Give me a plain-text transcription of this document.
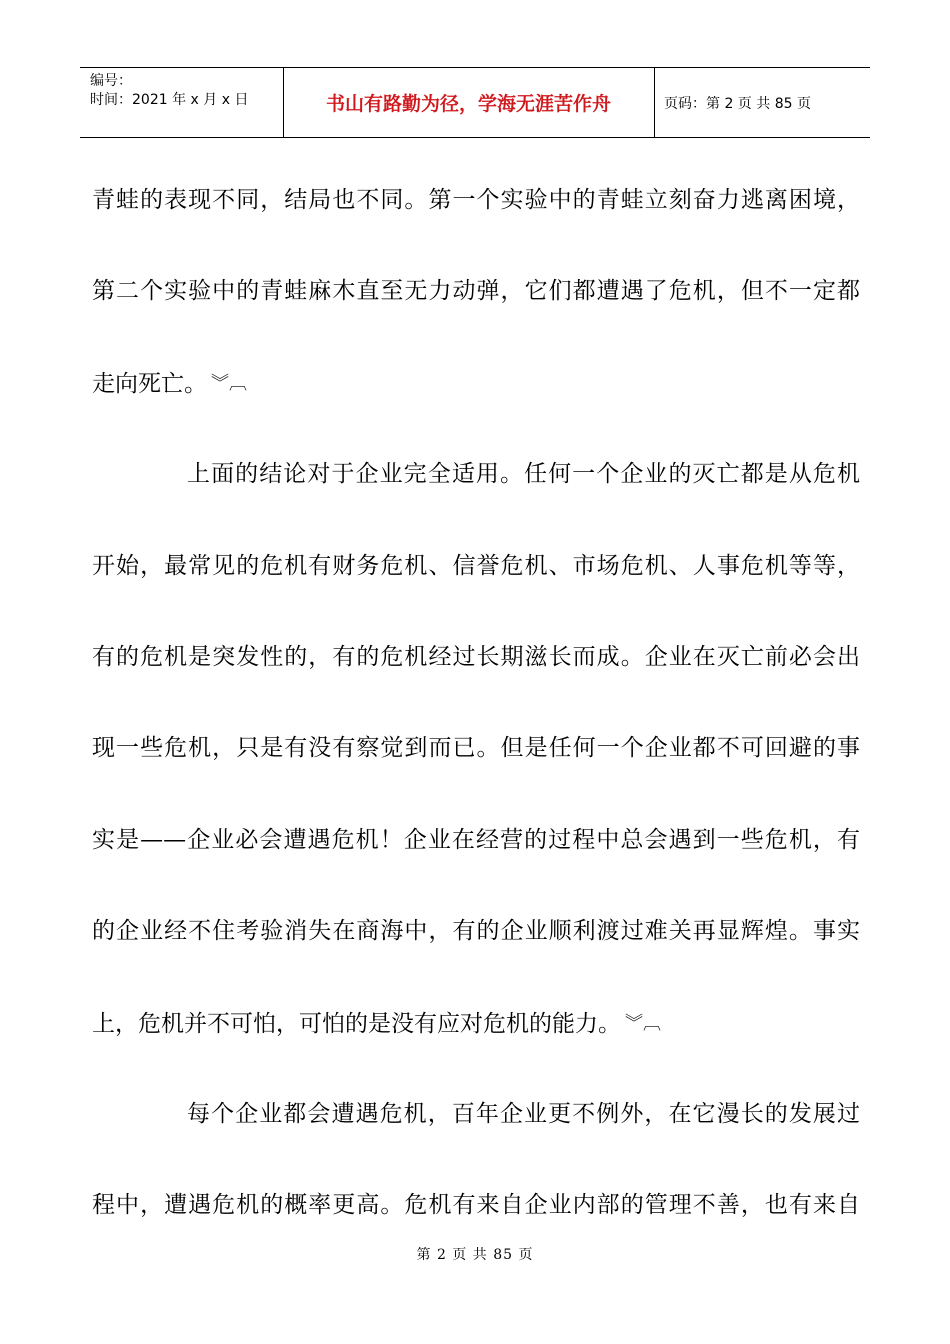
编号：
时间：2021 年 x 月 x 日	书山有路勤为径，学海无涯苦作舟	页码：第 2 页 共 85 页
青蛙的表现不同，结局也不同。第一个实验中的青蛙立刻奋力逃离困境，
第二个实验中的青蛙麻木直至无力动弹，它们都遭遇了危机，但不一定都
走向死亡。 ︾︹
上面的结论对于企业完全适用。任何一个企业的灭亡都是从危机
开始，最常见的危机有财务危机、信誉危机、市场危机、人事危机等等，
有的危机是突发性的，有的危机经过长期滋长而成。企业在灭亡前必会出
现一些危机，只是有没有察觉到而已。但是任何一个企业都不可回避的事
实是——企业必会遭遇危机！企业在经营的过程中总会遇到一些危机，有
的企业经不住考验消失在商海中，有的企业顺利渡过难关再显辉煌。事实
上，危机并不可怕，可怕的是没有应对危机的能力。 ︾︹
每个企业都会遭遇危机，百年企业更不例外，在它漫长的发展过
程中，遭遇危机的概率更高。危机有来自企业内部的管理不善，也有来自
第 2 页 共 85 页
